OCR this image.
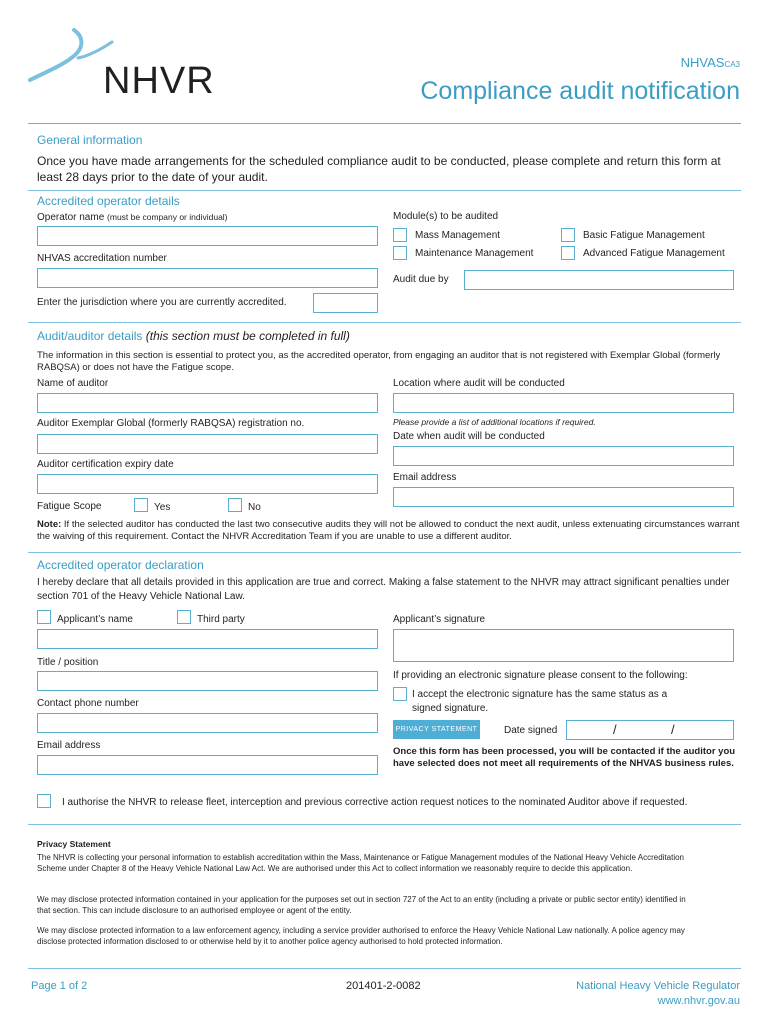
NHVR	NHVASCA3
Compliance audit notification
General information
Once you have made arrangements for the scheduled compliance audit to be conducted, please complete and return this form at least 28 days prior to the date of your audit.
Accredited operator details
Operator name (must be company or individual)
NHVAS accreditation number
Enter the jurisdiction where you are currently accredited.
Module(s) to be audited
Mass Management	Basic Fatigue Management
Maintenance Management	Advanced Fatigue Management
Audit due by
Audit/auditor details (this section must be completed in full)
The information in this section is essential to protect you, as the accredited operator, from engaging an auditor that is not registered with Exemplar Global (formerly RABQSA) or does not have the Fatigue scope.
Name of auditor
Auditor Exemplar Global (formerly RABQSA) registration no.
Auditor certification expiry date
Fatigue Scope	Yes	No
Location where audit will be conducted
Please provide a list of additional locations if required.
Date when audit will be conducted
Email address
Note: If the selected auditor has conducted the last two consecutive audits they will not be allowed to conduct the next audit, unless extenuating circumstances warrant the waiving of this requirement. Contact the NHVR Accreditation Team if you are unable to use a different auditor.
Accredited operator declaration
I hereby declare that all details provided in this application are true and correct. Making a false statement to the NHVR may attract significant penalties under section 701 of the Heavy Vehicle National Law.
Applicant’s name	Third party
Title / position
Contact phone number
Email address
Applicant’s signature
If providing an electronic signature please consent to the following:
I accept the electronic signature has the same status as a
signed signature.
PRIVACY STATEMENT	Date signed	/	/
Once this form has been processed, you will be contacted if the auditor you have selected does not meet all requirements of the NHVAS business rules.
I authorise the NHVR to release fleet, interception and previous corrective action request notices to the nominated Auditor above if requested.
Privacy Statement
The NHVR is collecting your personal information to establish accreditation within the Mass, Maintenance or Fatigue Management modules of the National Heavy Vehicle Accreditation Scheme under Chapter 8 of the Heavy Vehicle National Law Act. We are authorised under this Act to collect information we reasonably require to decide this application.
We may disclose protected information contained in your application for the purposes set out in section 727 of the Act to an entity (including a private or public sector entity) identified in that section. This can include disclosure to an authorised employee or agent of the entity.
We may disclose protected information to a law enforcement agency, including a service provider authorised to enforce the Heavy Vehicle National Law nationally. A police agency may disclose protected information disclosed to or otherwise held by it to another police agency authorised to hold protected information.
Page 1 of 2	201401-2-0082	National Heavy Vehicle Regulator
www.nhvr.gov.au
